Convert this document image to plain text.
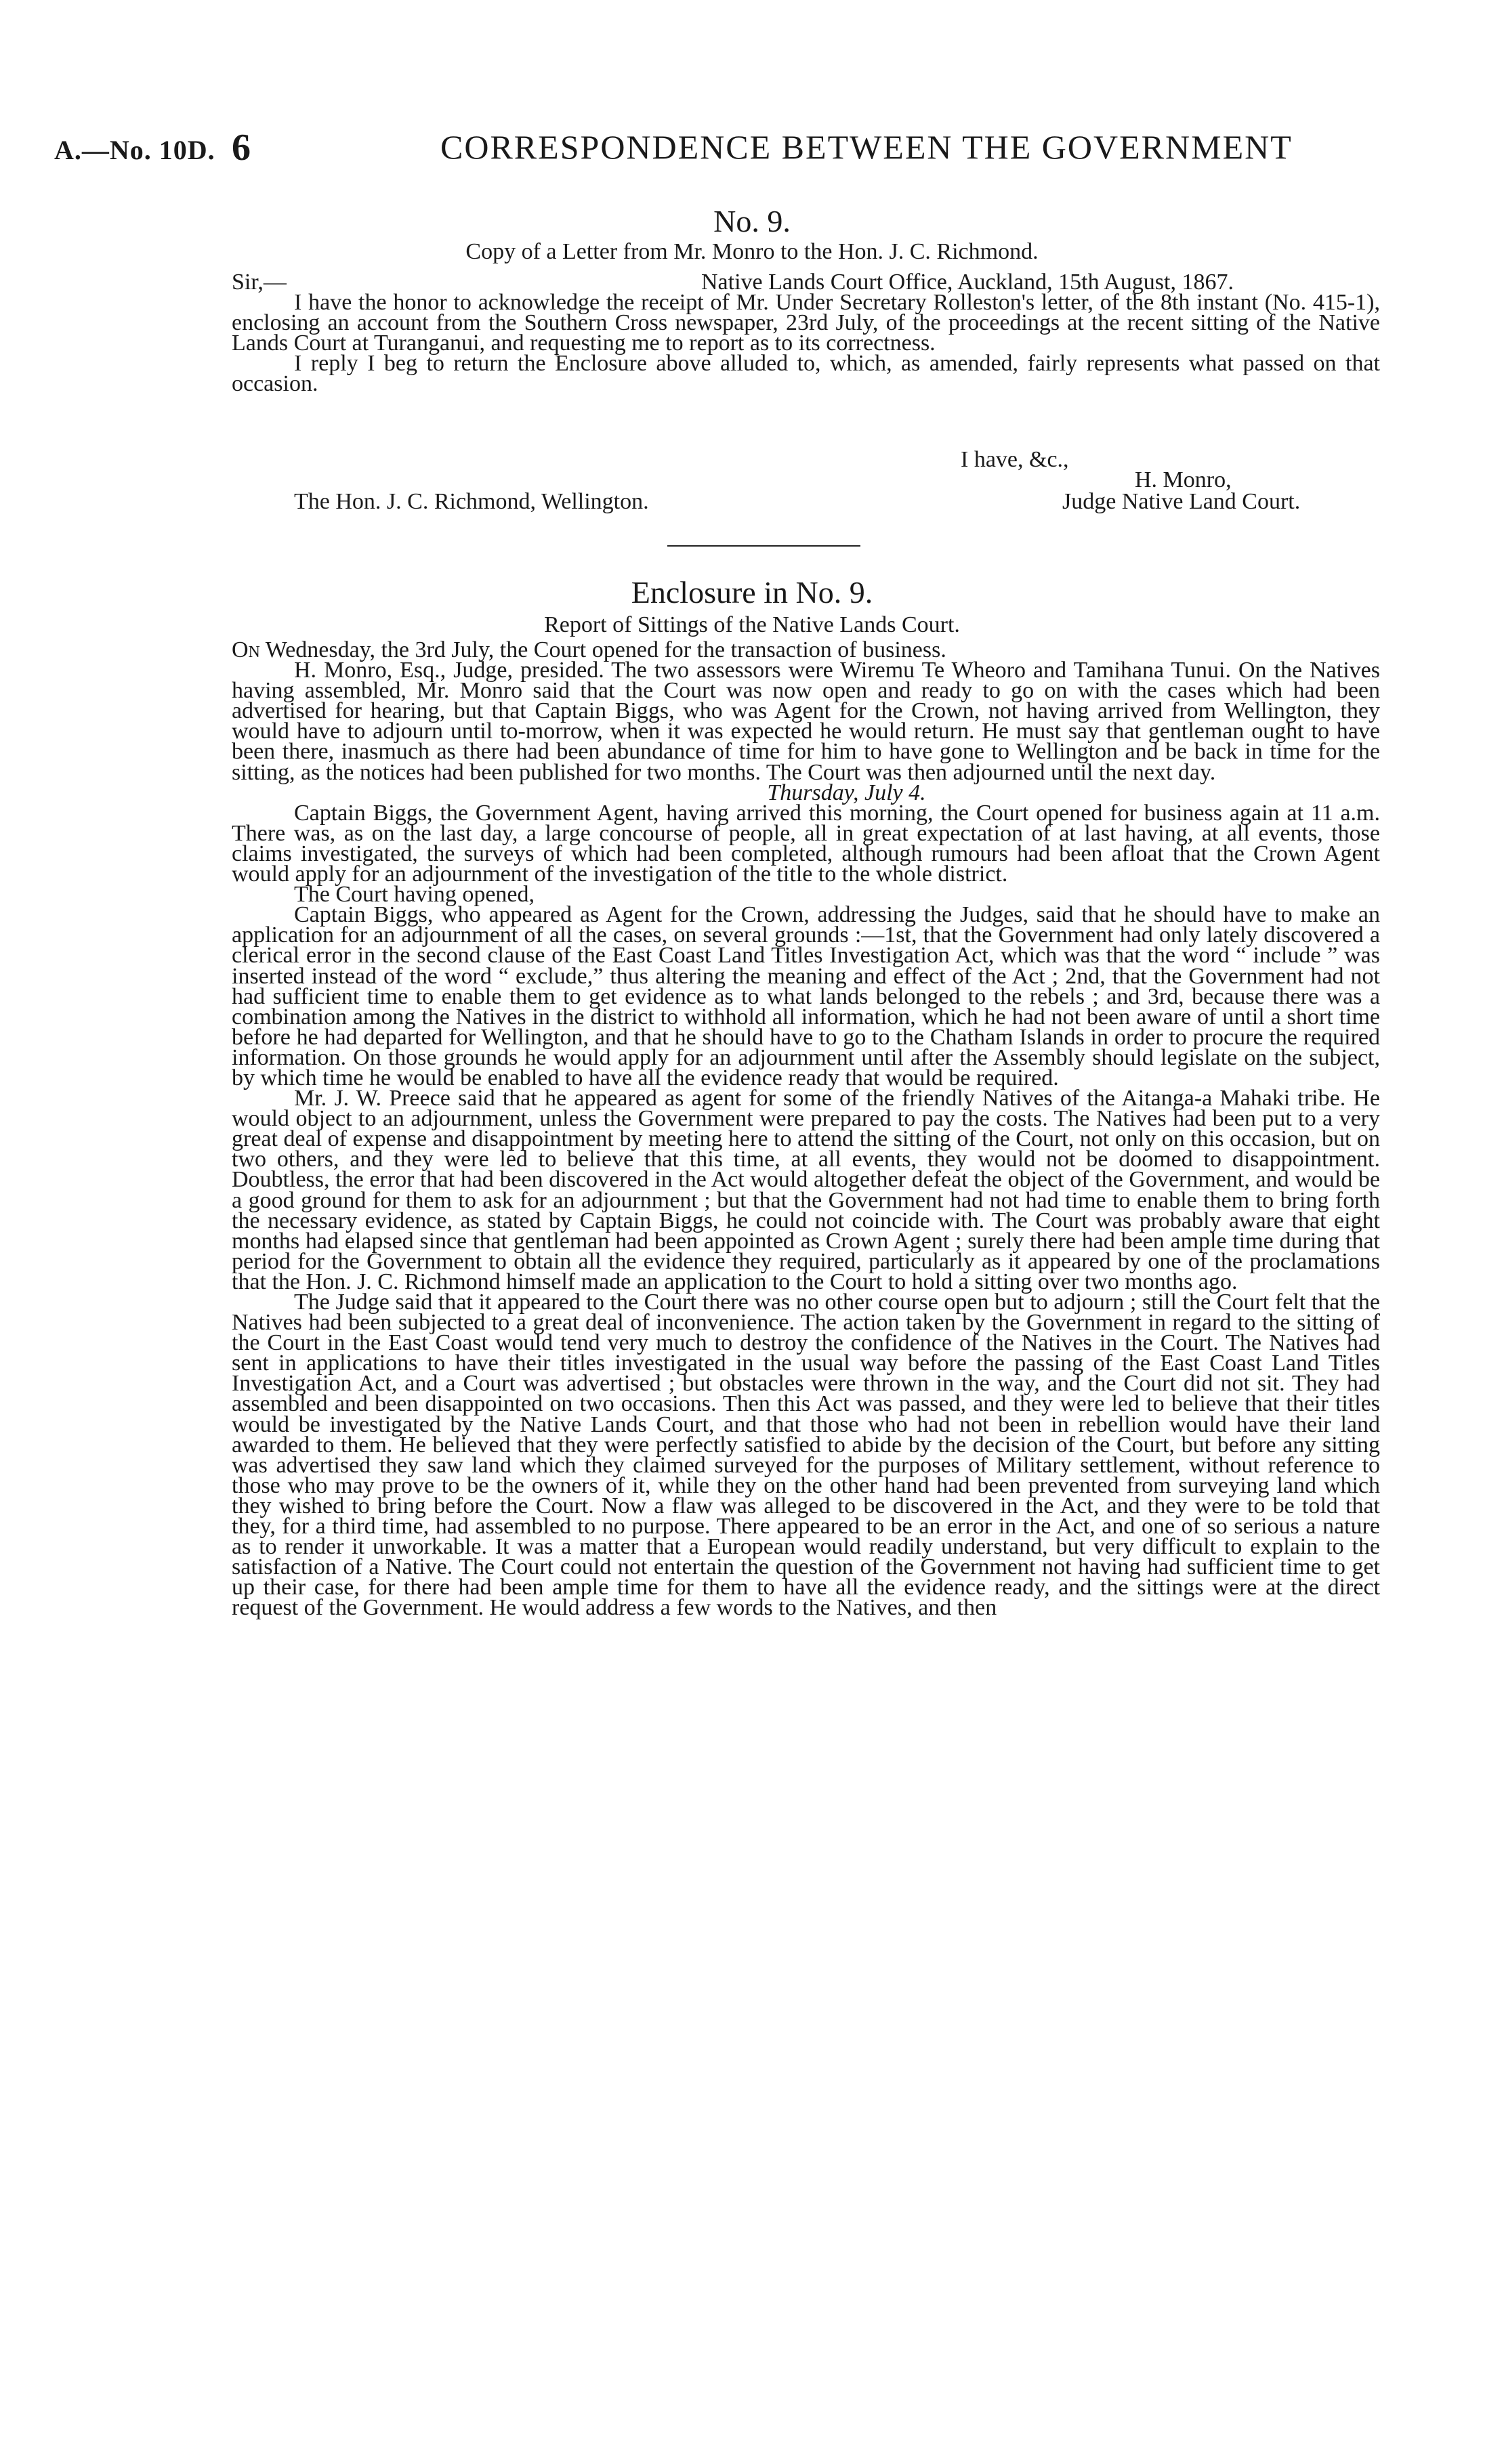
A.—No. 10D. 6	CORRESPONDENCE BETWEEN THE GOVERNMENT
No. 9.
Copy of a Letter from Mr. Monro to the Hon. J. C. Richmond.
Sir,—	Native Lands Court Office, Auckland, 15th August, 1867.

I have the honor to acknowledge the receipt of Mr. Under Secretary Rolleston's letter, of the 8th instant (No. 415-1), enclosing an account from the Southern Cross newspaper, 23rd July, of the proceedings at the recent sitting of the Native Lands Court at Turanganui, and requesting me to report as to its correctness.

I reply I beg to return the Enclosure above alluded to, which, as amended, fairly represents what passed on that occasion.

I have, &c.,
H. Monro,
The Hon. J. C. Richmond, Wellington.	Judge Native Land Court.
Enclosure in No. 9.
Report of Sittings of the Native Lands Court.

On Wednesday, the 3rd July, the Court opened for the transaction of business.

H. Monro, Esq., Judge, presided. The two assessors were Wiremu Te Wheoro and Tamihana Tunui. On the Natives having assembled, Mr. Monro said that the Court was now open and ready to go on with the cases which had been advertised for hearing, but that Captain Biggs, who was Agent for the Crown, not having arrived from Wellington, they would have to adjourn until to-morrow, when it was expected he would return. He must say that gentleman ought to have been there, inasmuch as there had been abundance of time for him to have gone to Wellington and be back in time for the sitting, as the notices had been published for two months. The Court was then adjourned until the next day.

Thursday, July 4.

Captain Biggs, the Government Agent, having arrived this morning, the Court opened for business again at 11 a.m. There was, as on the last day, a large concourse of people, all in great expectation of at last having, at all events, those claims investigated, the surveys of which had been completed, although rumours had been afloat that the Crown Agent would apply for an adjournment of the investigation of the title to the whole district.

The Court having opened,

Captain Biggs, who appeared as Agent for the Crown, addressing the Judges, said that he should have to make an application for an adjournment of all the cases, on several grounds :—1st, that the Government had only lately discovered a clerical error in the second clause of the East Coast Land Titles Investigation Act, which was that the word “ include ” was inserted instead of the word “ exclude,” thus altering the meaning and effect of the Act ; 2nd, that the Government had not had sufficient time to enable them to get evidence as to what lands belonged to the rebels ; and 3rd, because there was a combination among the Natives in the district to withhold all information, which he had not been aware of until a short time before he had departed for Wellington, and that he should have to go to the Chatham Islands in order to procure the required information. On those grounds he would apply for an adjournment until after the Assembly should legislate on the subject, by which time he would be enabled to have all the evidence ready that would be required.

Mr. J. W. Preece said that he appeared as agent for some of the friendly Natives of the Aitanga-a Mahaki tribe. He would object to an adjournment, unless the Government were prepared to pay the costs. The Natives had been put to a very great deal of expense and disappointment by meeting here to attend the sitting of the Court, not only on this occasion, but on two others, and they were led to believe that this time, at all events, they would not be doomed to disappointment. Doubtless, the error that had been discovered in the Act would altogether defeat the object of the Government, and would be a good ground for them to ask for an adjournment ; but that the Government had not had time to enable them to bring forth the necessary evidence, as stated by Captain Biggs, he could not coincide with. The Court was probably aware that eight months had elapsed since that gentleman had been appointed as Crown Agent ; surely there had been ample time during that period for the Government to obtain all the evidence they required, particularly as it appeared by one of the proclamations that the Hon. J. C. Richmond himself made an application to the Court to hold a sitting over two months ago.

The Judge said that it appeared to the Court there was no other course open but to adjourn ; still the Court felt that the Natives had been subjected to a great deal of inconvenience. The action taken by the Government in regard to the sitting of the Court in the East Coast would tend very much to destroy the confidence of the Natives in the Court. The Natives had sent in applications to have their titles investigated in the usual way before the passing of the East Coast Land Titles Investigation Act, and a Court was advertised ; but obstacles were thrown in the way, and the Court did not sit. They had assembled and been disappointed on two occasions. Then this Act was passed, and they were led to believe that their titles would be investigated by the Native Lands Court, and that those who had not been in rebellion would have their land awarded to them. He believed that they were perfectly satisfied to abide by the decision of the Court, but before any sitting was advertised they saw land which they claimed surveyed for the purposes of Military settlement, without reference to those who may prove to be the owners of it, while they on the other hand had been prevented from surveying land which they wished to bring before the Court. Now a flaw was alleged to be discovered in the Act, and they were to be told that they, for a third time, had assembled to no purpose. There appeared to be an error in the Act, and one of so serious a nature as to render it unworkable. It was a matter that a European would readily understand, but very difficult to explain to the satisfaction of a Native. The Court could not entertain the question of the Government not having had sufficient time to get up their case, for there had been ample time for them to have all the evidence ready, and the sittings were at the direct request of the Government. He would address a few words to the Natives, and then
